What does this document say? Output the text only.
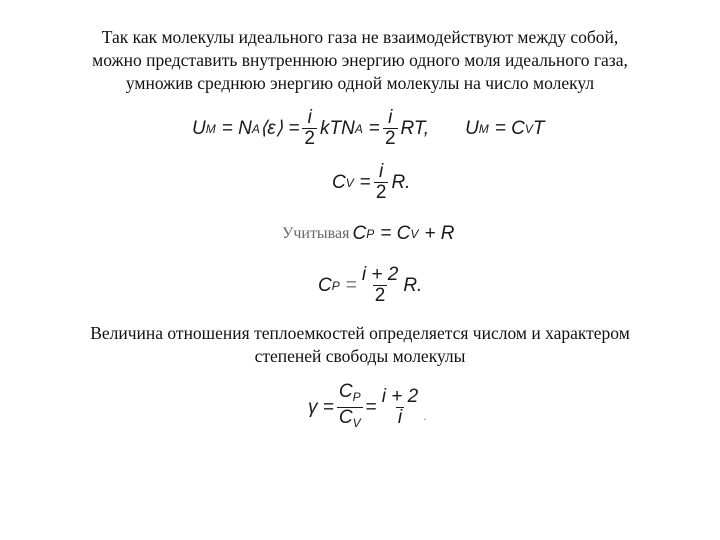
Так как молекулы идеального газа не взаимодействуют между собой,
можно представить внутреннюю энергию одного моля идеального газа,
умножив среднюю энергию одной молекулы на число молекул
U M = N A ⟨ε⟩ = $\frac{i}{2}$ kTN $A = \frac{i}{2}$ RT, U M = C V T
C $V = \frac{i}{2} R$.
Учитывая C P = C V + R
C $P = \frac{i + 2}{2} R$.
Величина отношения теплоемкостей определяется числом и характером
степеней свободы молекулы
$\gamma = \frac{C_P}{C_V} = \frac{i + 2}{i}$ .
